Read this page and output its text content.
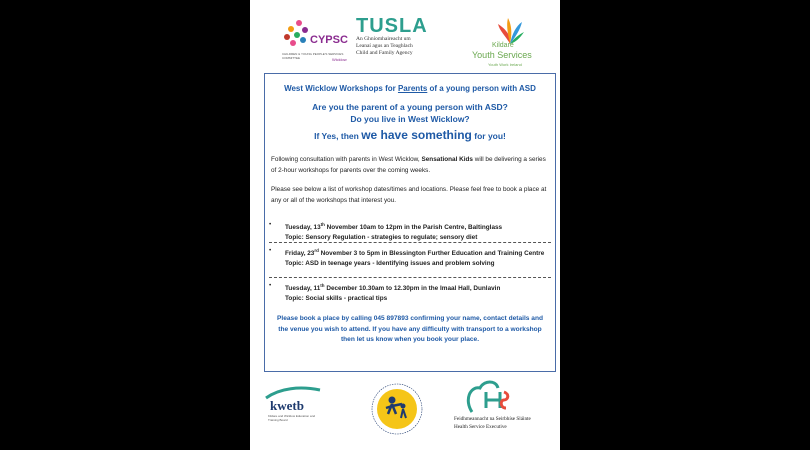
CYPSC
CHILDREN & YOUNG PEOPLE'S SERVICES COMMITTEE	Wicklow
TUSLA
An Ghníomhaireacht um
Leanaí agus an Teaghlach
Child and Family Agency
Kildare
Youth Services
Youth Work Ireland
West Wicklow Workshops for Parents of a young person with ASD
Are you the parent of a young person with ASD?
Do you live in West Wicklow?
If Yes, then we have something for you!
Following consultation with parents in West Wicklow, Sensational Kids will be delivering a series of 2-hour workshops for parents over the coming weeks.
Please see below a list of workshop dates/times and locations. Please feel free to book a place at any or all of the workshops that interest you.
• Tuesday, 13th November 10am to 12pm in the Parish Centre, Baltinglass
Topic: Sensory Regulation - strategies to regulate; sensory diet
• Friday, 23rd November 3 to 5pm in Blessington Further Education and Training Centre
Topic: ASD in teenage years - Identifying issues and problem solving
• Tuesday, 11th December 10.30am to 12.30pm in the Imaal Hall, Dunlavin
Topic: Social skills - practical tips
Please book a place by calling 045 897893 confirming your name, contact details and the venue you wish to attend. If you have any difficulty with transport to a workshop then let us know when you book your place.
kwetb
Kildare and Wicklow Education and Training Board	Feidhmeannacht na Seirbhíse Sláinte
Health Service Executive
